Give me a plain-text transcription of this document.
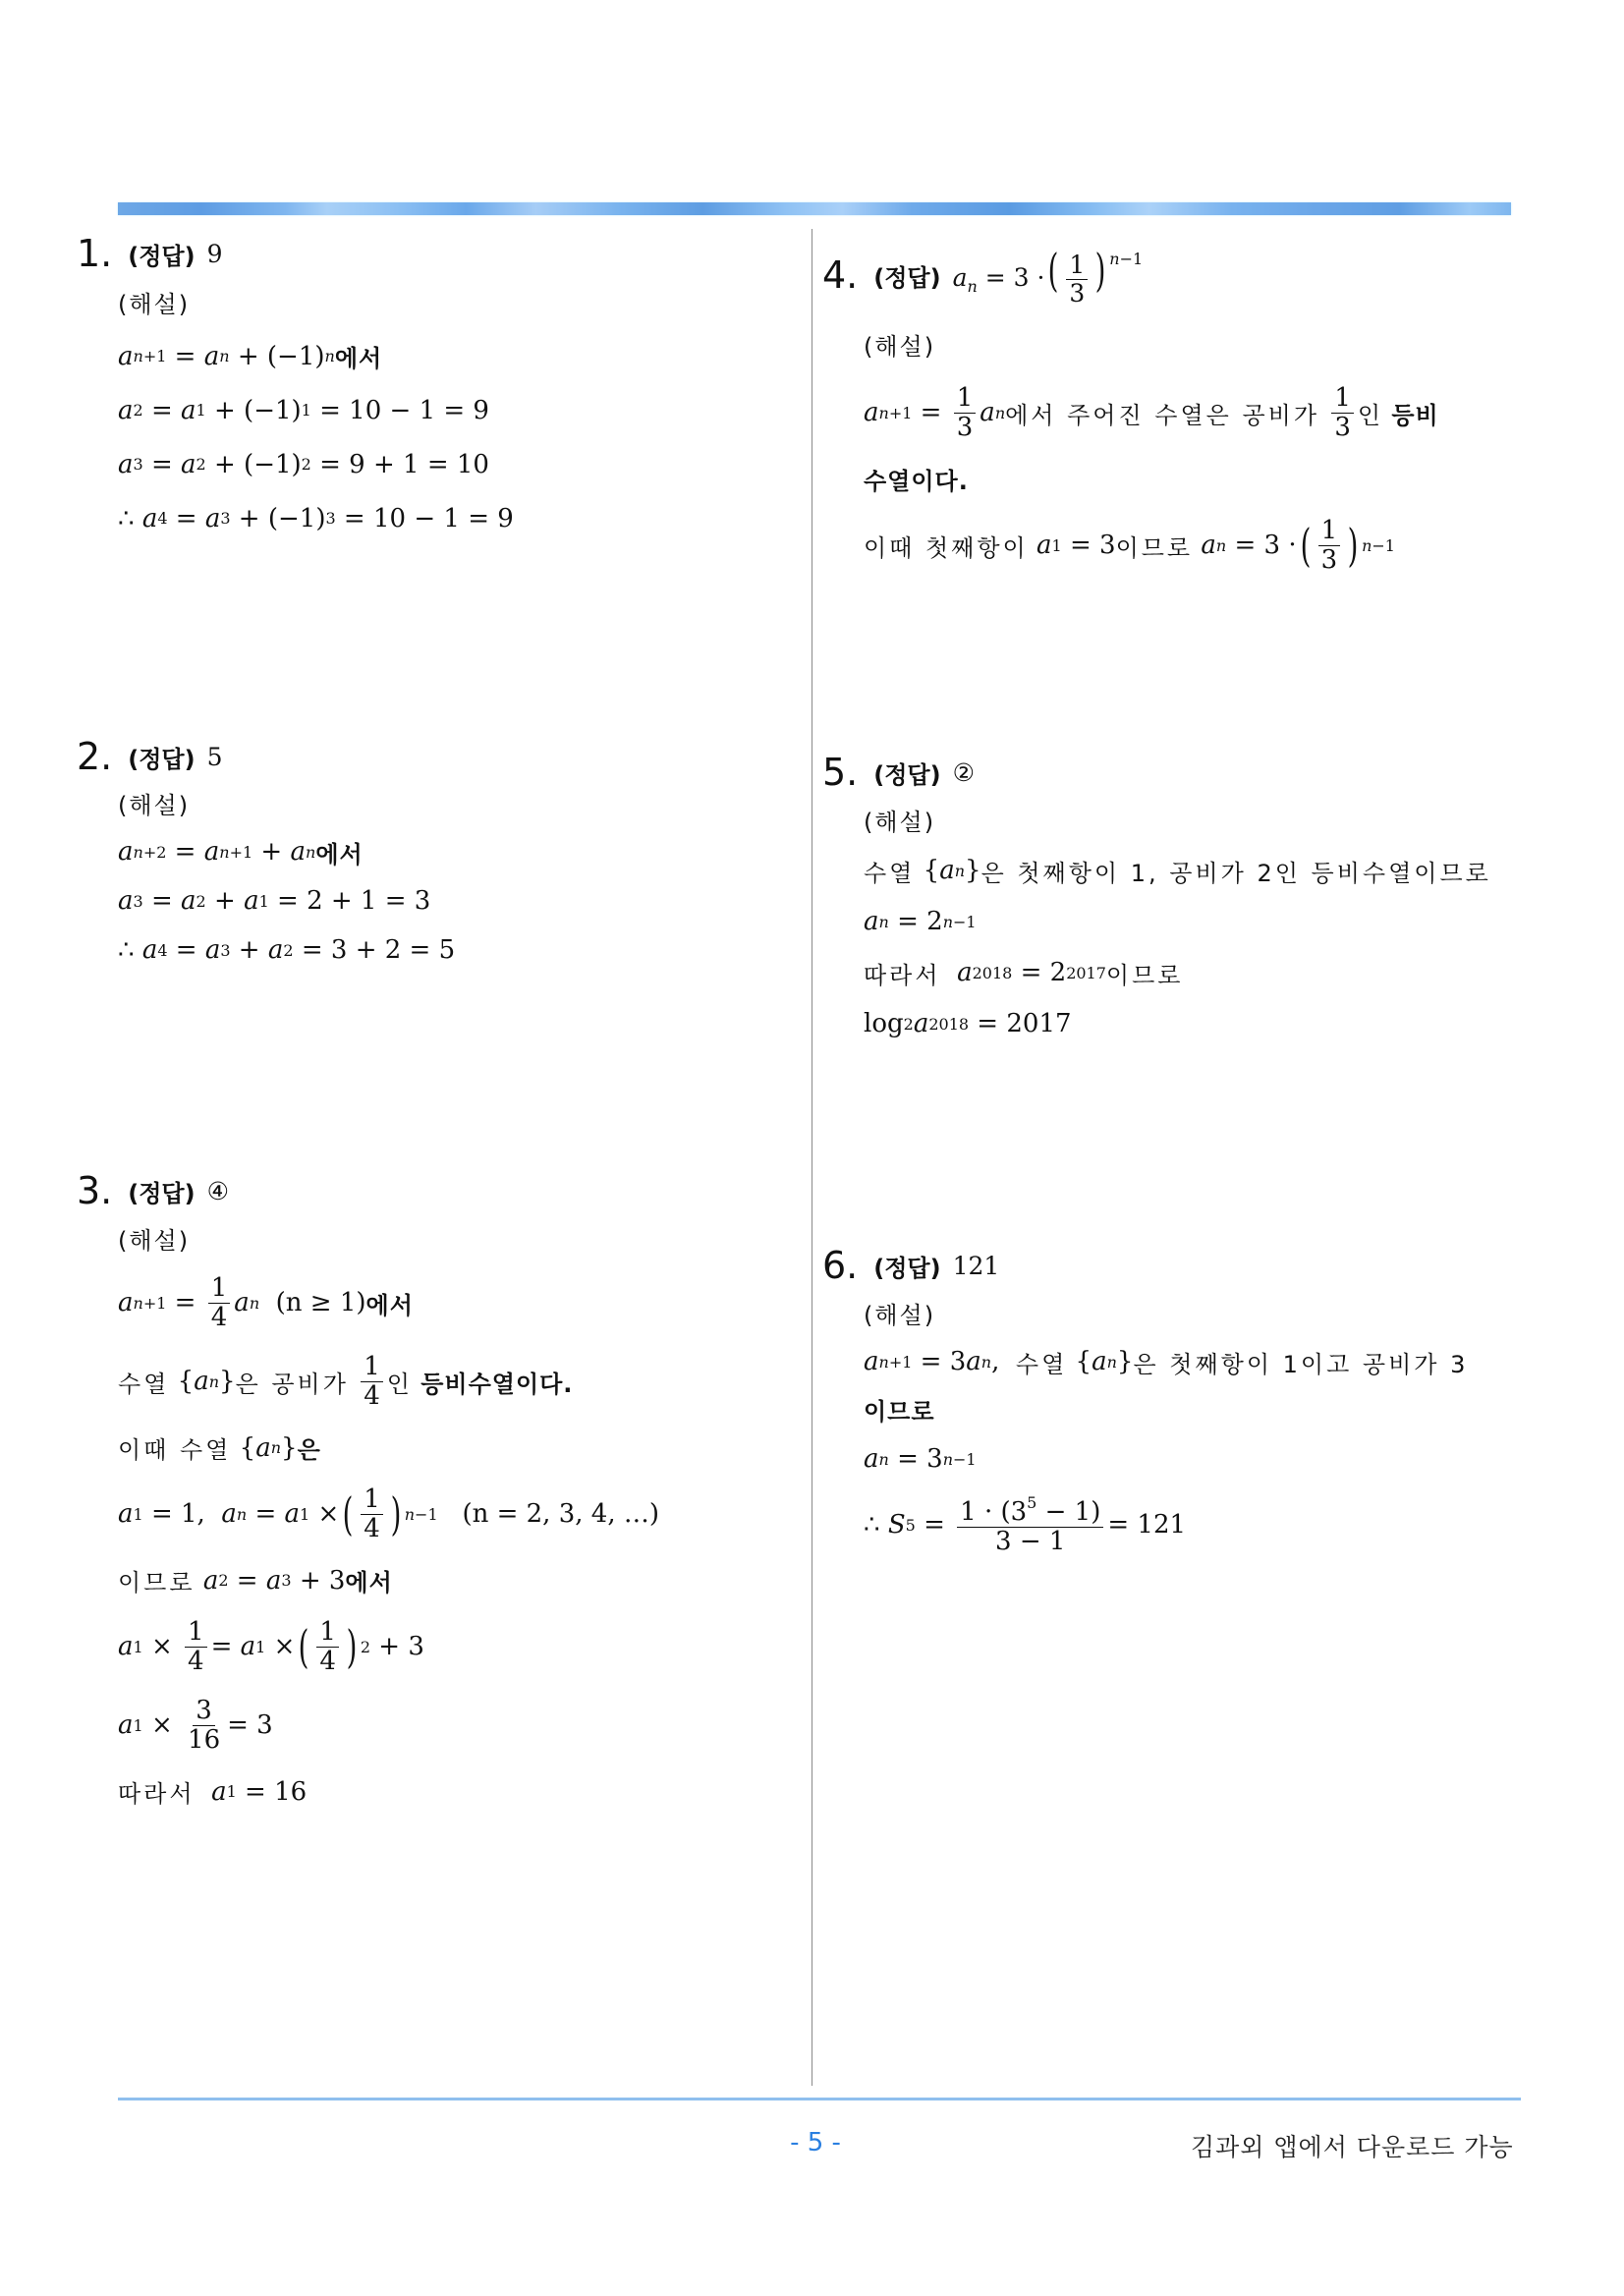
1. (정답) 9
(해설)
a n+1 = a n + (−1) n 에서
a 2 = a 1 + (−1) 1 = 10 − 1 = 9
a 3 = a 2 + (−1) 2 = 9 + 1 = 10
∴ a 4 = a 3 + (−1) 3 = 10 − 1 = 9
2. (정답) 5
(해설)
a n+2 = a n+1 + a n 에서
a 3 = a 2 + a 1 = 2 + 1 = 3
∴ a 4 = a 3 + a 2 = 3 + 2 = 5
3. (정답) ④
(해설)
a $n+1 = \frac{1}{4}$ a n
(n ≥ 1) 에서
수열 { a n } 은 공비가
$\frac{1}{4}$ 인
등비수열이다.
이때 수열 { a n } 은
a 1 = 1, a n = a 1 × ( $\frac{1}{4}$ ) n−1
(n = 2, 3, 4, …)
이므로
a 2 = a 3 + 3 에서
a $1 \times \frac{1}{4} = a$ 1 × ( $\frac{1}{4}$ ) 2 + 3
a $1 \times \frac{3}{16} = 3$
따라서
a 1 = 16
4. (정답) $a_n = 3$ ·( $\frac{1}{3}$ ) $^{n-1}$
(해설)
a $n+1 = \frac{1}{3}$ a n 에서 주어진 수열은 공비가
$\frac{1}{3}$ 인
등비
수열이다.
이때 첫째항이
a 1 = 3 이므로
a n = 3 · ( $\frac{1}{3}$ ) n−1
5. (정답) ②
(해설)
수열 { a n } 은 첫째항이 1, 공비가 2인 등비수열이므로
a n = 2 n−1
따라서
a 2018 = 2 2017 이므로
log 2 a 2018 = 2017
6. (정답) 121
(해설)
a n+1 = 3 a n , 수열 { a n } 은 첫째항이 1이고 공비가 3
이므로
a n = 3 n−1
∴ S $5 = \frac{1 \cdot (3^5 - 1)}{3 - 1} = 121$
- 5 -	김과외 앱에서 다운로드 가능
